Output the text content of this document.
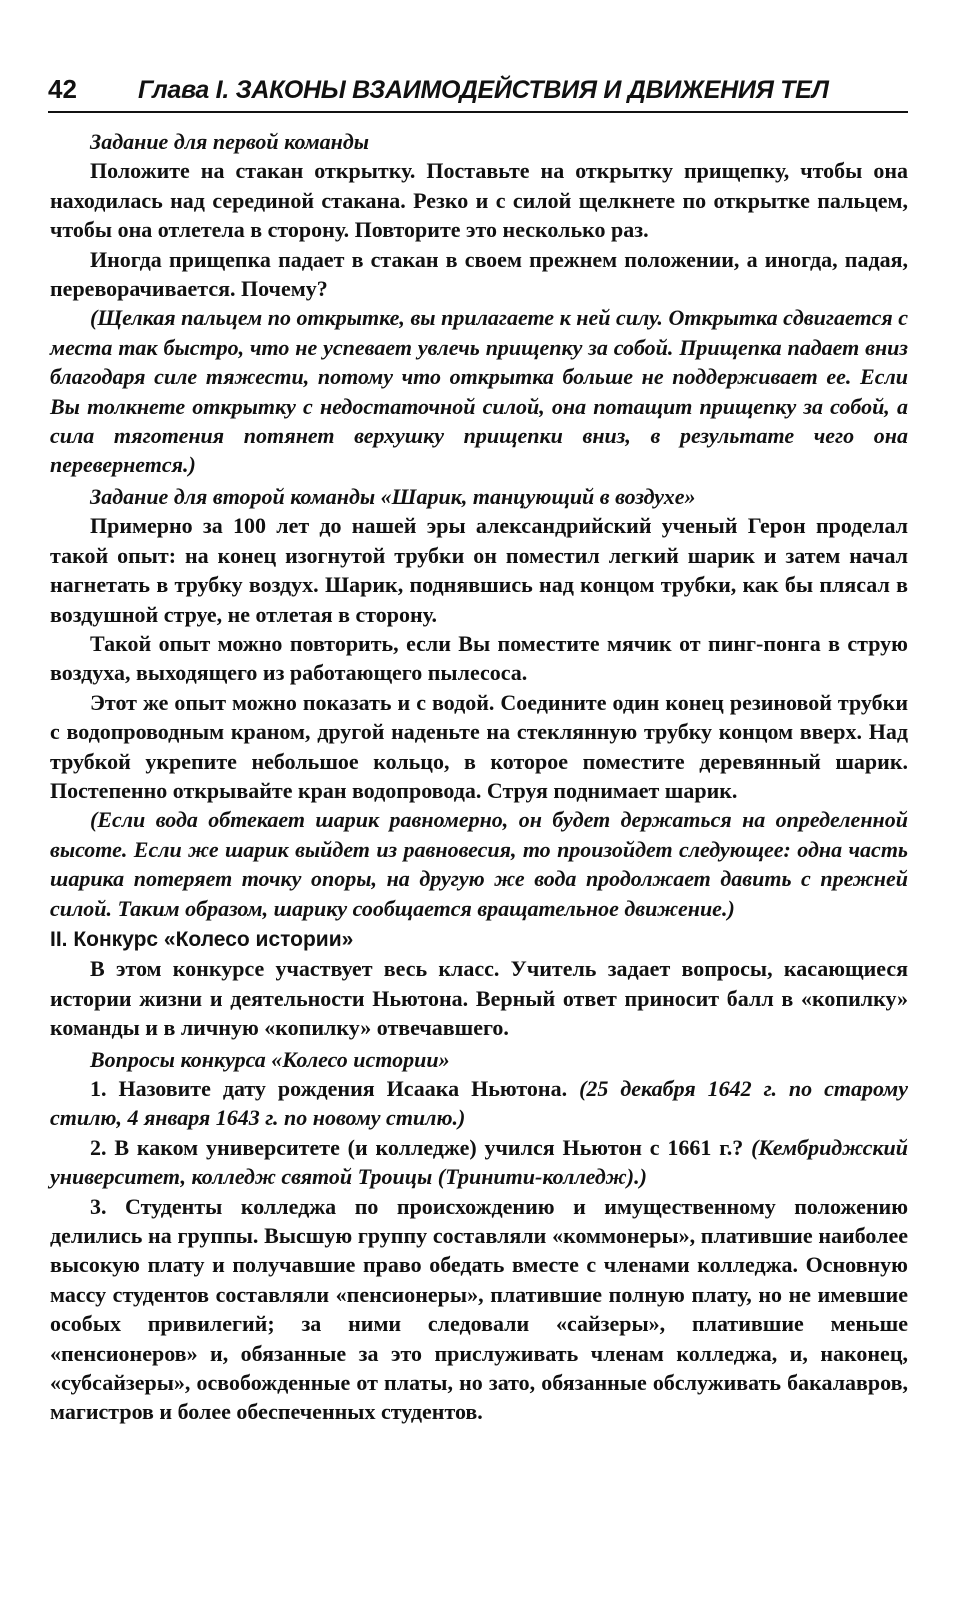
42	Глава I. ЗАКОНЫ ВЗАИМОДЕЙСТВИЯ И ДВИЖЕНИЯ ТЕЛ
Задание для первой команды

Положите на стакан открытку. Поставьте на открытку прищепку, чтобы она находилась над серединой стакана. Резко и с силой щелкнете по открытке пальцем, чтобы она отлетела в сторону. Повторите это несколько раз.

Иногда прищепка падает в стакан в своем прежнем положении, а иногда, падая, переворачивается. Почему?

(Щелкая пальцем по открытке, вы прилагаете к ней силу. Открытка сдвигается с места так быстро, что не успевает увлечь прищепку за собой. Прищепка падает вниз благодаря силе тяжести, потому что открытка больше не поддерживает ее. Если Вы толкнете открытку с недостаточной силой, она потащит прищепку за собой, а сила тяготения потянет верхушку прищепки вниз, в результате чего она перевернется.)

Задание для второй команды «Шарик, танцующий в воздухе»

Примерно за 100 лет до нашей эры александрийский ученый Герон проделал такой опыт: на конец изогнутой трубки он поместил легкий шарик и затем начал нагнетать в трубку воздух. Шарик, поднявшись над концом трубки, как бы плясал в воздушной струе, не отлетая в сторону.

Такой опыт можно повторить, если Вы поместите мячик от пинг-понга в струю воздуха, выходящего из работающего пылесоса.

Этот же опыт можно показать и с водой. Соедините один конец резиновой трубки с водопроводным краном, другой наденьте на стеклянную трубку концом вверх. Над трубкой укрепите небольшое кольцо, в которое поместите деревянный шарик. Постепенно открывайте кран водопровода. Струя поднимает шарик.

(Если вода обтекает шарик равномерно, он будет держаться на определенной высоте. Если же шарик выйдет из равновесия, то произойдет следующее: одна часть шарика потеряет точку опоры, на другую же вода продолжает давить с прежней силой. Таким образом, шарику сообщается вращательное движение.)

II. Конкурс «Колесо истории»

В этом конкурсе участвует весь класс. Учитель задает вопросы, касающиеся истории жизни и деятельности Ньютона. Верный ответ приносит балл в «копилку» команды и в личную «копилку» отвечавшего.

Вопросы конкурса «Колесо истории»

1. Назовите дату рождения Исаака Ньютона. (25 декабря 1642 г. по старому стилю, 4 января 1643 г. по новому стилю.)

2. В каком университете (и колледже) учился Ньютон с 1661 г.? (Кембриджский университет, колледж святой Троицы (Тринити-колледж).)

3. Студенты колледжа по происхождению и имущественному положению делились на группы. Высшую группу составляли «коммонеры», платившие наиболее высокую плату и получавшие право обедать вместе с членами колледжа. Основную массу студентов составляли «пенсионеры», платившие полную плату, но не имевшие особых привилегий; за ними следовали «сайзеры», платившие меньше «пенсионеров» и, обязанные за это прислуживать членам колледжа, и, наконец, «субсайзеры», освобожденные от платы, но зато, обязанные обслуживать бакалавров, магистров и более обеспеченных студентов.
